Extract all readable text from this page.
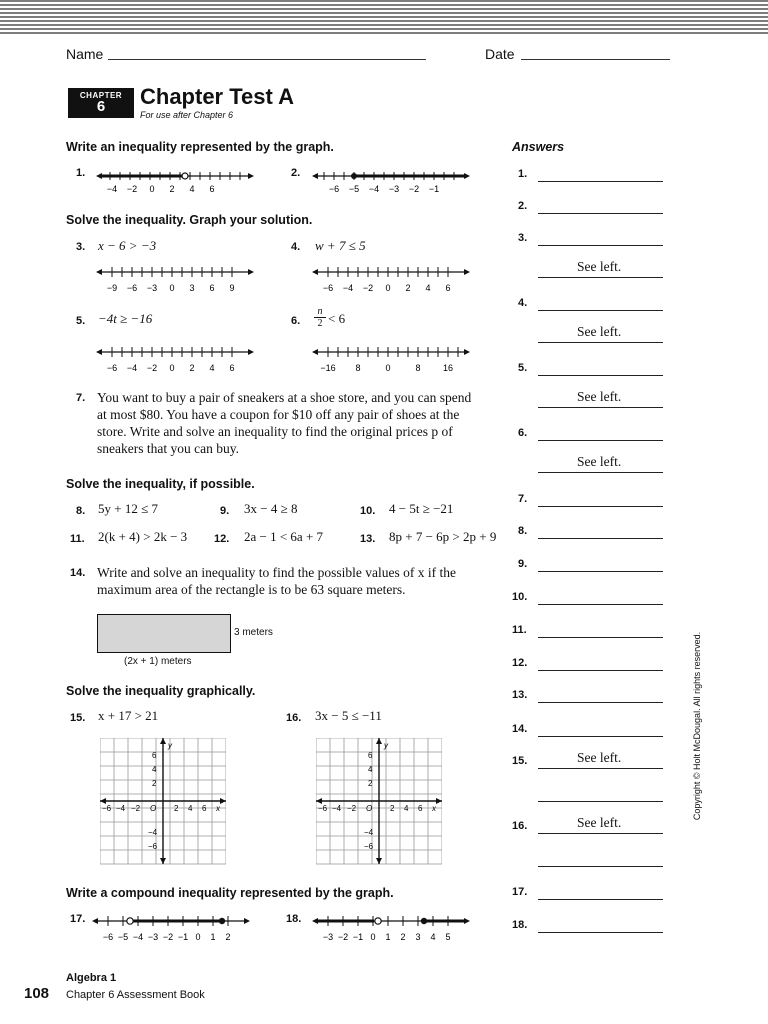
Name	Date
CHAPTER
6	Chapter Test A
For use after Chapter 6
Write an inequality represented by the graph.
1.
−4 −2 0 2 4 6
2.
−6 −5 −4 −3 −2 −1
Solve the inequality. Graph your solution.
3. x − 6 > −3	4. w + 7 ≤ 5
−9 −6 −3 0 3 6 9	−6 −4 −2 0 2 4 6
5. −4t ≥ −16	6. $\frac{n}{2} < 6$
−6 −4 −2 0 2 4 6	−16 8	0	8 16
7. You want to buy a pair of sneakers at a shoe store, and you can spend
at most $80. You have a coupon for $10 off any pair of shoes at the
store. Write and solve an inequality to find the original prices p of
sneakers that you can buy.
Solve the inequality, if possible.
8. 5y + 12 ≤ 7	9. 3x − 4 ≥ 8	10. 4 − 5t ≥ −21
11. 2(k + 4) > 2k − 3 12. 2a − 1 < 6a + 7	13. 8p + 7 − 6p > 2p + 9
14. Write and solve an inequality to find the possible values of x if the
maximum area of the rectangle is to be 63 square meters.
3 meters
(2x + 1) meters
Solve the inequality graphically.
15. x + 17 > 21	16. 3x − 5 ≤ −11
y
x
O
6
4
2
−4
−6
−6 −4 −2	2 4 6
y
x
O
6
4
2
−4
−6
−6 −4 −2	2 4 6
Write a compound inequality represented by the graph.
17.
−6 −5 −4 −3 −2 −1 0 1 2
18.
−3 −2 −1 0 1 2 3 4 5
Answers
1.
2.
3.
See left.
4.
See left.
5.
See left.
6.
See left.
7.
8.
9.
10.
11.
12.
13.
14.
15.	See left.
16.	See left.
17.
18.
Copyright © Holt McDougal. All rights reserved.
Algebra 1
Chapter 6 Assessment Book
108
